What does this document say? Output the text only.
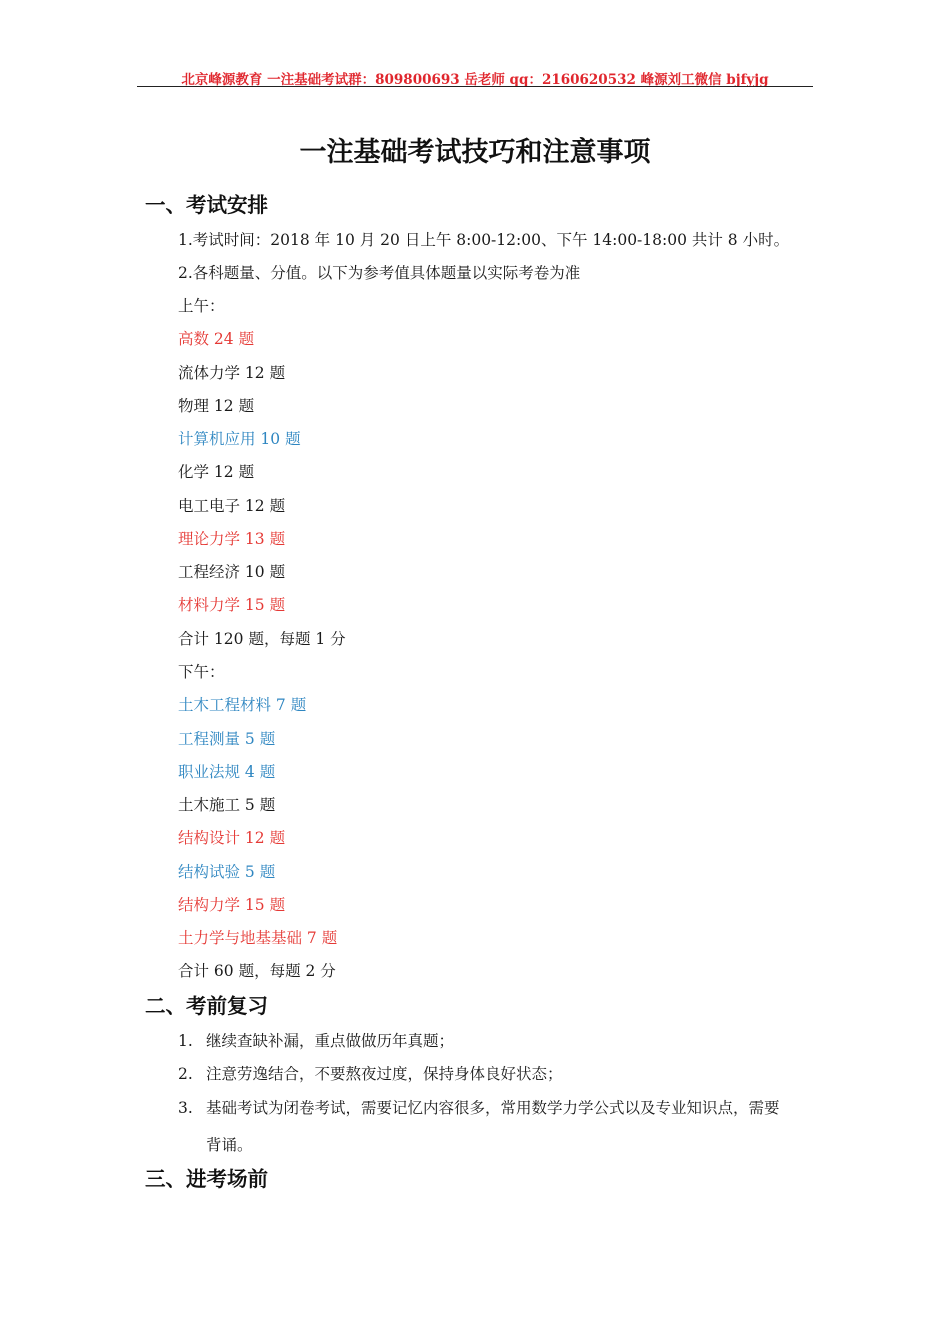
北京峰源教育 一注基础考试群：809800693 岳老师 qq：2160620532 峰源刘工微信 bjfyjg
一注基础考试技巧和注意事项
一、考试安排
1.考试时间：2018 年 10 月 20 日上午 8:00-12:00、下午 14:00-18:00 共计 8 小时。
2.各科题量、分值。以下为参考值具体题量以实际考卷为准
上午：
高数 24 题
流体力学 12 题
物理 12 题
计算机应用 10 题
化学 12 题
电工电子 12 题
理论力学 13 题
工程经济 10 题
材料力学 15 题
合计 120 题，每题 1 分
下午：
土木工程材料 7 题
工程测量 5 题
职业法规 4 题
土木施工 5 题
结构设计 12 题
结构试验 5 题
结构力学 15 题
土力学与地基基础 7 题
合计 60 题，每题 2 分
二、考前复习
1. 继续查缺补漏，重点做做历年真题；
2. 注意劳逸结合，不要熬夜过度，保持身体良好状态；
3. 基础考试为闭卷考试，需要记忆内容很多，常用数学力学公式以及专业知识点，需要
背诵。
三、进考场前
